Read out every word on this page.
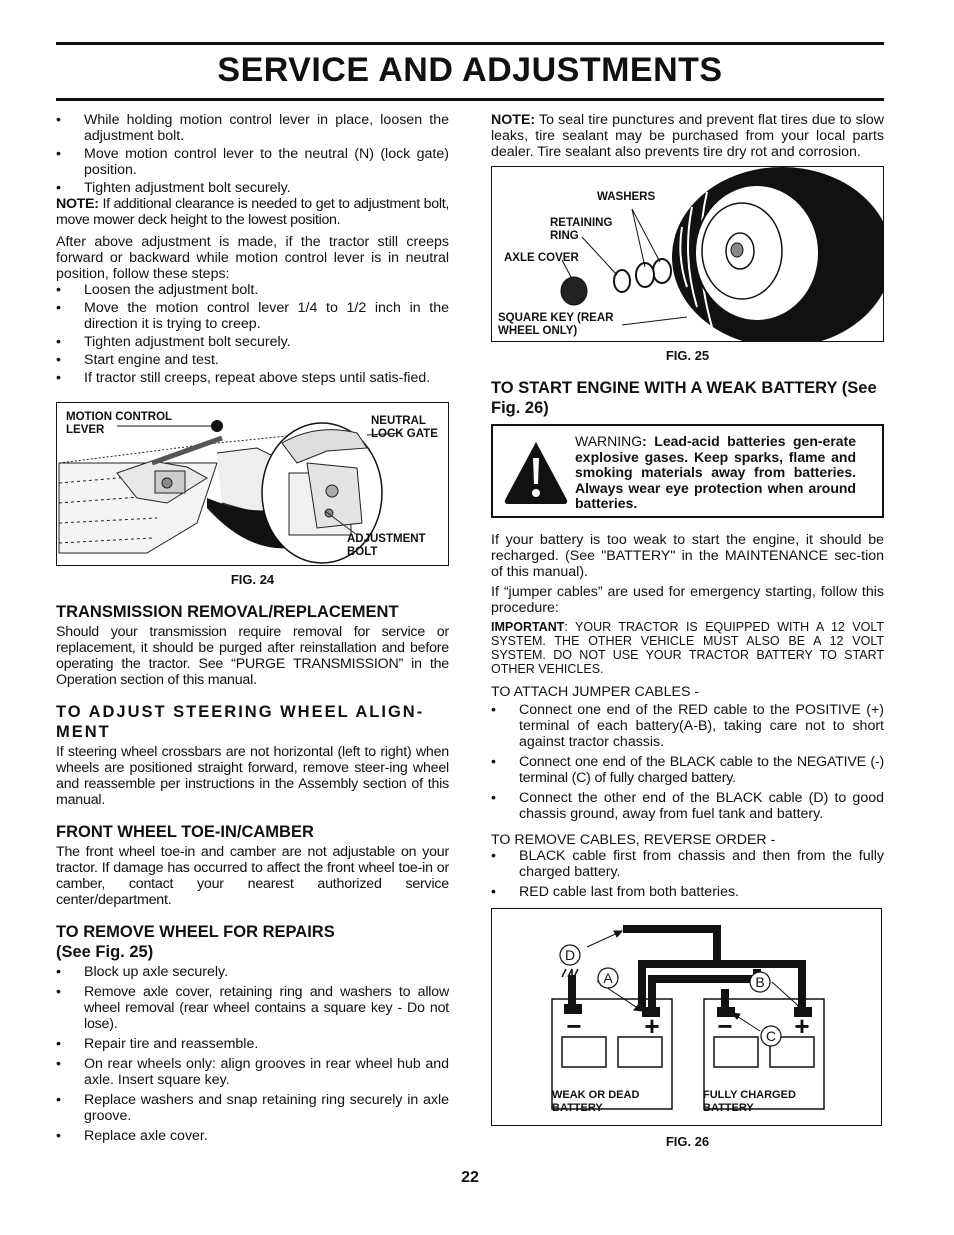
SERVICE AND ADJUSTMENTS
• While holding motion control lever in place, loosen the adjustment bolt.
• Move motion control lever to the neutral (N) (lock gate) position.
• Tighten adjustment bolt securely.

NOTE: If additional clearance is needed to get to adjustment bolt, move mower deck height to the lowest position.

After above adjustment is made, if the tractor still creeps forward or backward while motion control lever is in neutral position, follow these steps:

• Loosen the adjustment bolt.
• Move the motion control lever 1/4 to 1/2 inch in the direction it is trying to creep.
• Tighten adjustment bolt securely.
• Start engine and test.
• If tractor still creeps, repeat above steps until satis-fied.
MOTION CONTROL LEVER
NEUTRAL LOCK GATE
ADJUSTMENT BOLT
FIG. 24
TRANSMISSION REMOVAL/REPLACEMENT

Should your transmission require removal for service or replacement, it should be purged after reinstallation and before operating the tractor. See “PURGE TRANSMISSION” in the Operation section of this manual.

TO ADJUST STEERING WHEEL ALIGN-MENT

If steering wheel crossbars are not horizontal (left to right) when wheels are positioned straight forward, remove steer-ing wheel and reassemble per instructions in the Assembly section of this manual.

FRONT WHEEL TOE-IN/CAMBER

The front wheel toe-in and camber are not adjustable on your tractor. If damage has occurred to affect the front wheel toe-in or camber, contact your nearest authorized service center/department.

TO REMOVE WHEEL FOR REPAIRS
(See Fig. 25)
• Block up axle securely.
• Remove axle cover, retaining ring and washers to allow wheel removal (rear wheel contains a square key - Do not lose).
• Repair tire and reassemble.
• On rear wheels only: align grooves in rear wheel hub and axle. Insert square key.
• Replace washers and snap retaining ring securely in axle groove.
• Replace axle cover.

NOTE: To seal tire punctures and prevent flat tires due to slow leaks, tire sealant may be purchased from your local parts dealer. Tire sealant also prevents tire dry rot and corrosion.

WASHERS
RETAINING RING
AXLE COVER
SQUARE KEY (REAR WHEEL ONLY)
FIG. 25
TO START ENGINE WITH A WEAK BATTERY (See Fig. 26)
WARNING: Lead-acid batteries gen-erate explosive gases. Keep sparks, flame and smoking materials away from batteries. Always wear eye protection when around batteries.

If your battery is too weak to start the engine, it should be recharged. (See "BATTERY" in the MAINTENANCE sec-tion of this manual).

If “jumper cables” are used for emergency starting, follow this procedure:

IMPORTANT: YOUR TRACTOR IS EQUIPPED WITH A 12 VOLT SYSTEM. THE OTHER VEHICLE MUST ALSO BE A 12 VOLT SYSTEM. DO NOT USE YOUR TRACTOR BATTERY TO START OTHER VEHICLES.

TO ATTACH JUMPER CABLES -

• Connect one end of the RED cable to the POSITIVE (+) terminal of each battery(A-B), taking care not to short against tractor chassis.
• Connect one end of the BLACK cable to the NEGATIVE (-) terminal (C) of fully charged battery.
• Connect the other end of the BLACK cable (D) to good chassis ground, away from fuel tank and battery.

TO REMOVE CABLES, REVERSE ORDER -

• BLACK cable first from chassis and then from the fully charged battery.
• RED cable last from both batteries.
D
A	B
C
− + − +
WEAK OR DEAD BATTERY
FULLY CHARGED BATTERY
FIG. 26
22
